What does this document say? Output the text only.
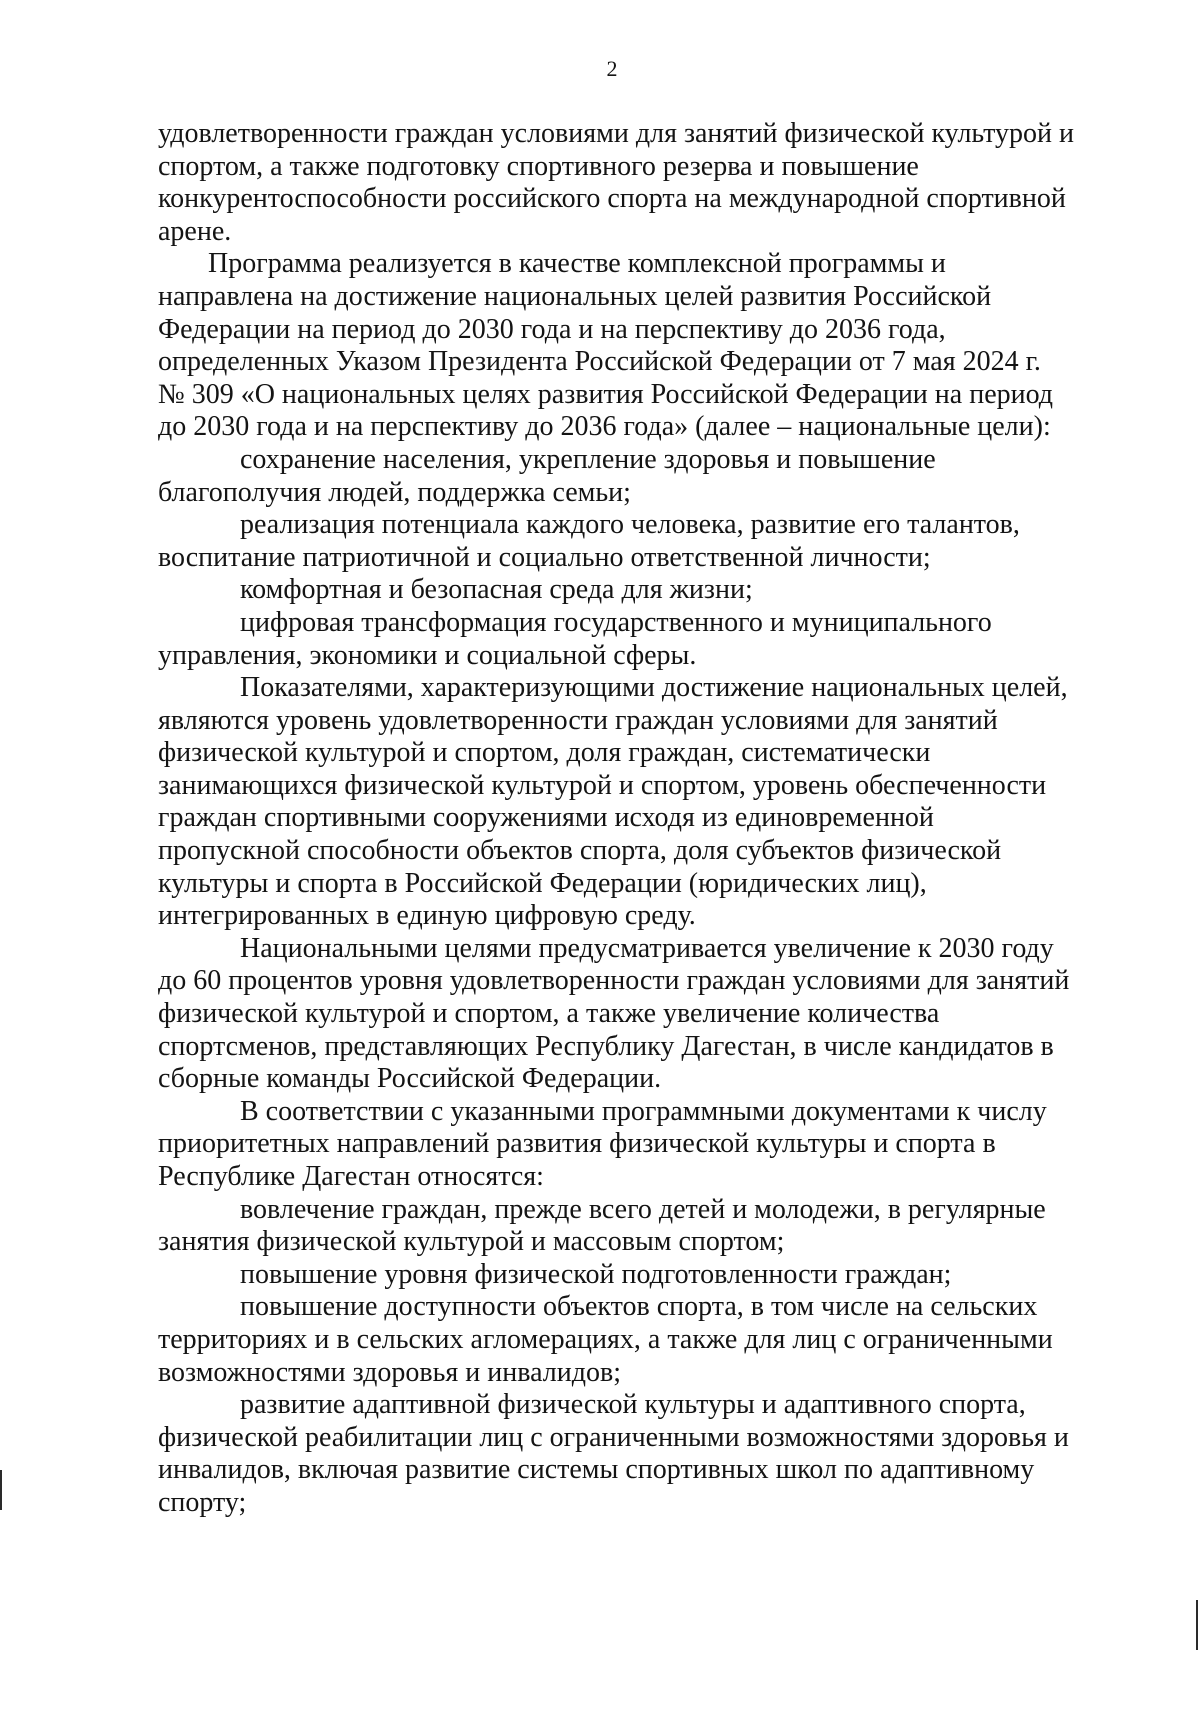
2

удовлетворенности граждан условиями для занятий физической культурой и спортом, а также подготовку спортивного резерва и повышение конкурентоспособности российского спорта на международной спортивной арене.

Программа реализуется в качестве комплексной программы и направлена на достижение национальных целей развития Российской Федерации на период до 2030 года и на перспективу до 2036 года, определенных Указом Президента Российской Федерации от 7 мая 2024 г. № 309 «О национальных целях развития Российской Федерации на период до 2030 года и на перспективу до 2036 года» (далее – национальные цели):

сохранение населения, укрепление здоровья и повышение благополучия людей, поддержка семьи;

реализация потенциала каждого человека, развитие его талантов, воспитание патриотичной и социально ответственной личности;

комфортная и безопасная среда для жизни;

цифровая трансформация государственного и муниципального управления, экономики и социальной сферы.

Показателями, характеризующими достижение национальных целей, являются уровень удовлетворенности граждан условиями для занятий физической культурой и спортом, доля граждан, систематически занимающихся физической культурой и спортом, уровень обеспеченности граждан спортивными сооружениями исходя из единовременной пропускной способности объектов спорта, доля субъектов физической культуры и спорта в Российской Федерации (юридических лиц), интегрированных в единую цифровую среду.

Национальными целями предусматривается увеличение к 2030 году до 60 процентов уровня удовлетворенности граждан условиями для занятий физической культурой и спортом, а также увеличение количества спортсменов, представляющих Республику Дагестан, в числе кандидатов в сборные команды Российской Федерации.

В соответствии с указанными программными документами к числу приоритетных направлений развития физической культуры и спорта в Республике Дагестан относятся:

вовлечение граждан, прежде всего детей и молодежи, в регулярные занятия физической культурой и массовым спортом;

повышение уровня физической подготовленности граждан;

повышение доступности объектов спорта, в том числе на сельских территориях и в сельских агломерациях, а также для лиц с ограниченными возможностями здоровья и инвалидов;

развитие адаптивной физической культуры и адаптивного спорта, физической реабилитации лиц с ограниченными возможностями здоровья и инвалидов, включая развитие системы спортивных школ по адаптивному спорту;
